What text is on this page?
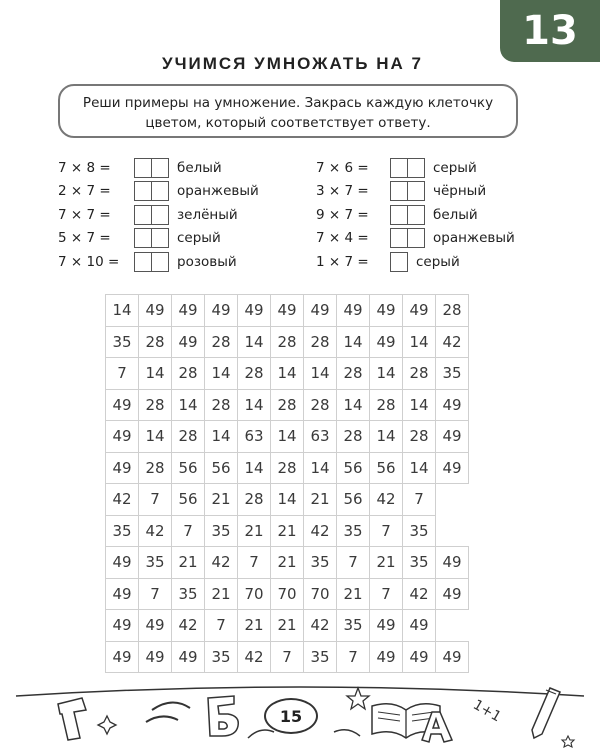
13
УЧИМСЯ УМНОЖАТЬ НА 7
Реши примеры на умножение. Закрась каждую клеточку цветом, который соответствует ответу.
7 × 8 =	белый
2 × 7 =	оранжевый
7 × 7 =	зелёный
5 × 7 =	серый
7 × 10 =	розовый
7 × 6 =	серый
3 × 7 =	чёрный
9 × 7 =	белый
7 × 4 =	оранжевый
1 × 7 =	серый
14	49	49	49	49	49	49	49	49	49	28
35	28	49	28	14	28	28	14	49	14	42
7	14	28	14	28	14	14	28	14	28	35
49	28	14	28	14	28	28	14	28	14	49
49	14	28	14	63	14	63	28	14	28	49
49	28	56	56	14	28	14	56	56	14	49
42	7	56	21	28	14	21	56	42	7	
35	42	7	35	21	21	42	35	7	35	
49	35	21	42	7	21	35	7	21	35	49
49	7	35	21	70	70	70	21	7	42	49
49	49	42	7	21	21	42	35	49	49	
49	49	49	35	42	7	35	7	49	49	49
1+1
Г
Б
15
